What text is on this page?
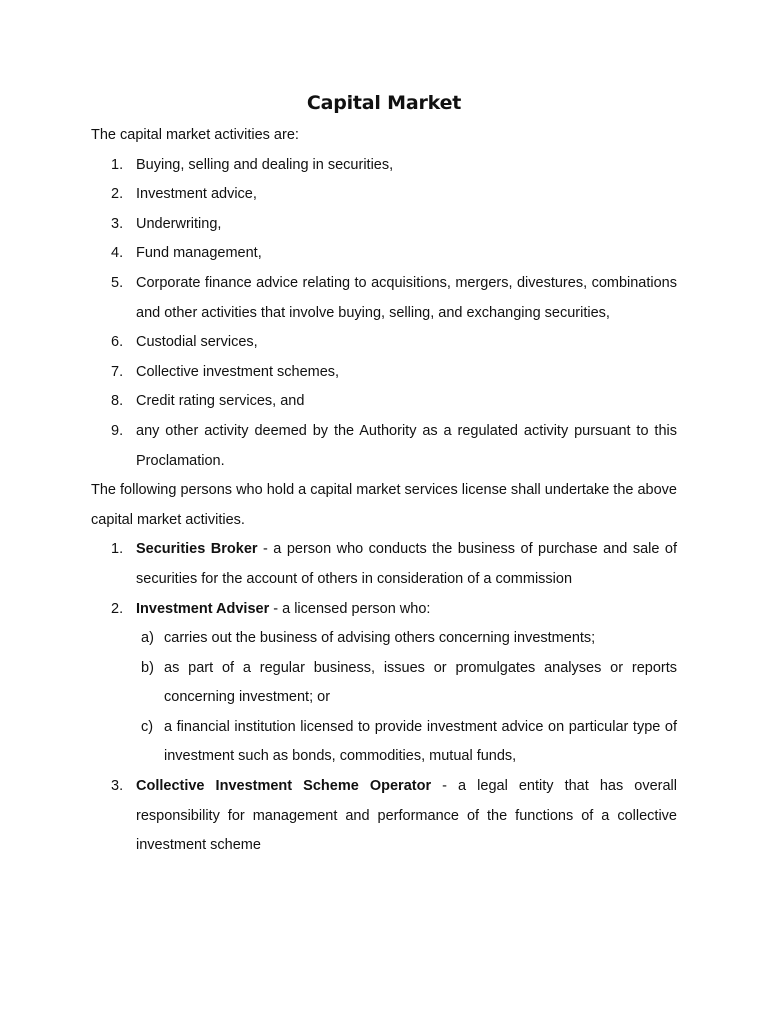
Capital Market

The capital market activities are:

1. Buying, selling and dealing in securities,
2. Investment advice,
3. Underwriting,
4. Fund management,
5. Corporate finance advice relating to acquisitions, mergers, divestures, combinations and other activities that involve buying, selling, and exchanging securities,
6. Custodial services,
7. Collective investment schemes,
8. Credit rating services, and
9. any other activity deemed by the Authority as a regulated activity pursuant to this Proclamation.

The following persons who hold a capital market services license shall undertake the above capital market activities.

1. Securities Broker - a person who conducts the business of purchase and sale of securities for the account of others in consideration of a commission
2. Investment Adviser - a licensed person who:
a) carries out the business of advising others concerning investments;
b) as part of a regular business, issues or promulgates analyses or reports concerning investment; or
c) a financial institution licensed to provide investment advice on particular type of investment such as bonds, commodities, mutual funds,
3. Collective Investment Scheme Operator - a legal entity that has overall responsibility for management and performance of the functions of a collective investment scheme
